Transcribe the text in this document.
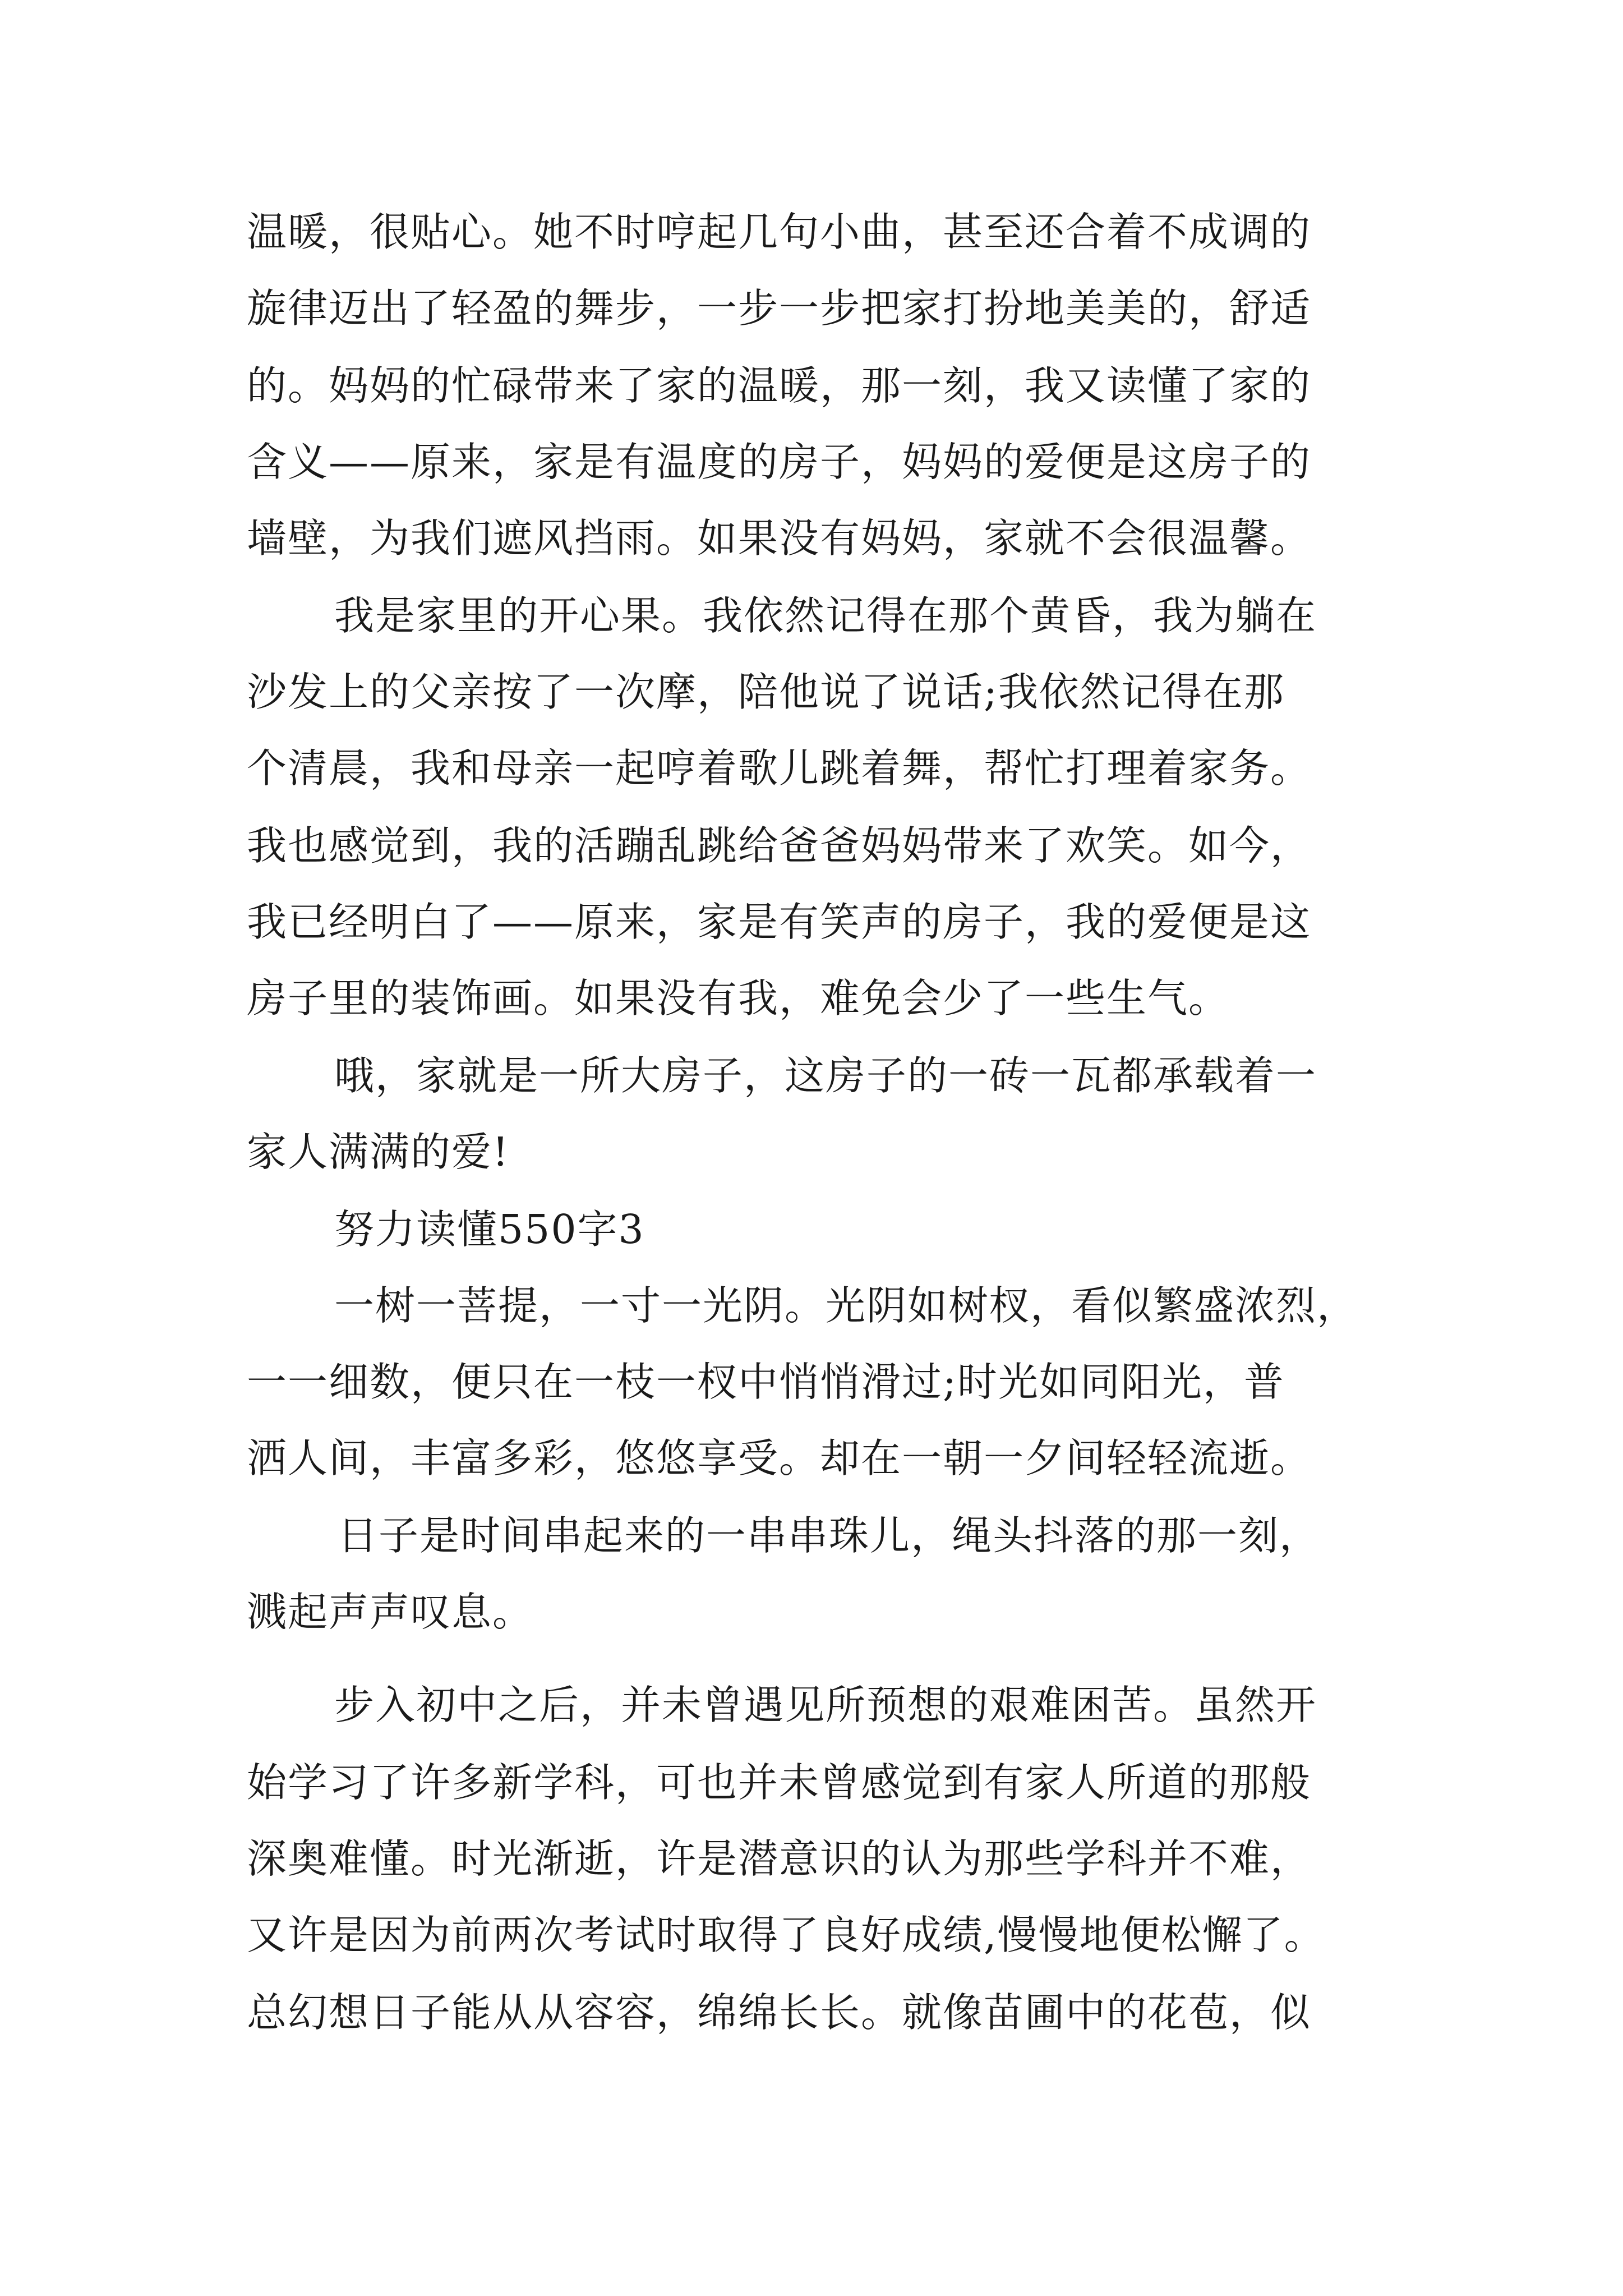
温暖，很贴心。她不时哼起几句小曲，甚至还合着不成调的
旋律迈出了轻盈的舞步，一步一步把家打扮地美美的，舒适
的。妈妈的忙碌带来了家的温暖，那一刻，我又读懂了家的
含义——原来，家是有温度的房子，妈妈的爱便是这房子的
墙壁，为我们遮风挡雨。如果没有妈妈，家就不会很温馨。
我是家里的开心果。我依然记得在那个黄昏，我为躺在
沙发上的父亲按了一次摩，陪他说了说话;我依然记得在那
个清晨，我和母亲一起哼着歌儿跳着舞，帮忙打理着家务。
我也感觉到，我的活蹦乱跳给爸爸妈妈带来了欢笑。如今，
我已经明白了——原来，家是有笑声的房子，我的爱便是这
房子里的装饰画。如果没有我，难免会少了一些生气。
哦，家就是一所大房子，这房子的一砖一瓦都承载着一
家人满满的爱!
努力读懂550字3
一树一菩提，一寸一光阴。光阴如树杈，看似繁盛浓烈，
一一细数，便只在一枝一杈中悄悄滑过;时光如同阳光，普
洒人间，丰富多彩，悠悠享受。却在一朝一夕间轻轻流逝。
日子是时间串起来的一串串珠儿，绳头抖落的那一刻，
溅起声声叹息。
步入初中之后，并未曾遇见所预想的艰难困苦。虽然开
始学习了许多新学科，可也并未曾感觉到有家人所道的那般
深奥难懂。时光渐逝，许是潜意识的认为那些学科并不难，
又许是因为前两次考试时取得了良好成绩,慢慢地便松懈了。
总幻想日子能从从容容，绵绵长长。就像苗圃中的花苞，似
